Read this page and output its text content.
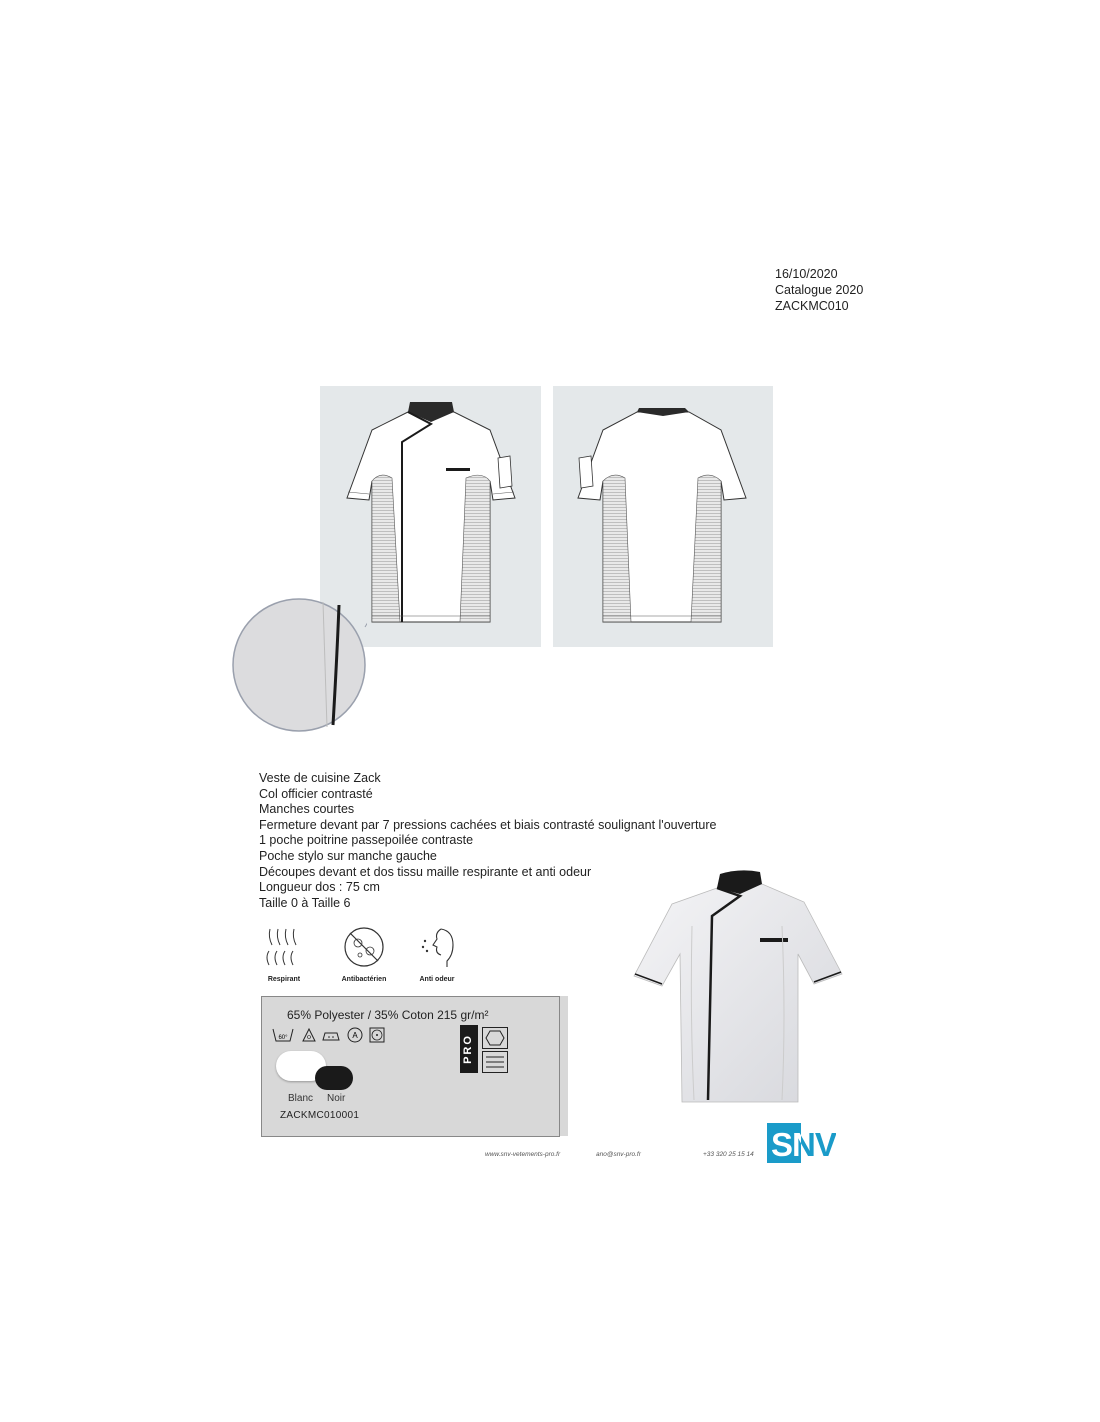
16/10/2020
Catalogue 2020
ZACKMC010
Veste de cuisine Zack
Col officier contrasté
Manches courtes
Fermeture devant par 7 pressions cachées et biais contrasté soulignant l'ouverture
1 poche poitrine passepoilée contraste
Poche stylo sur manche gauche
Découpes devant et dos tissu maille respirante et anti odeur
Longueur dos : 75 cm
Taille 0 à Taille 6
Respirant	Antibactérien	Anti odeur
65% Polyester / 35% Coton 215 gr/m²
60°	A	PRO
Blanc Noir
ZACKMC010001
www.snv-vetements-pro.fr	ano@snv-pro.fr	+33 320 25 15 14 SNV
